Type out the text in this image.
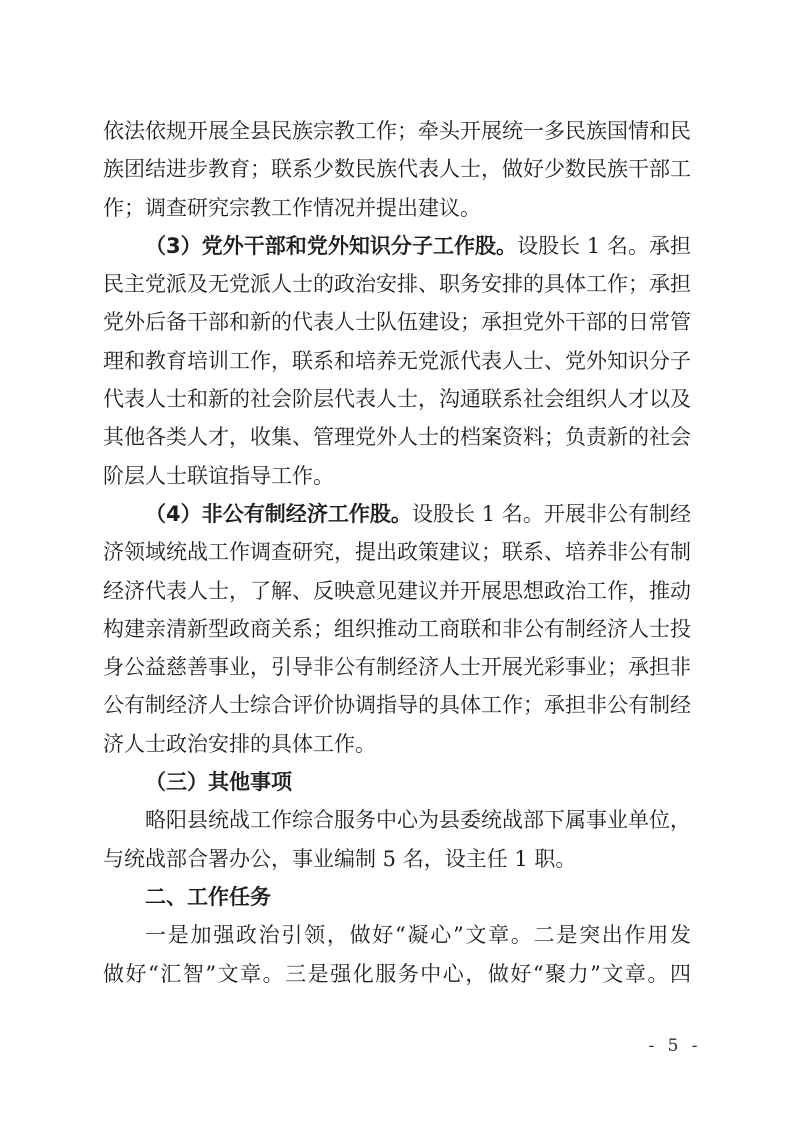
依法依规开展全县民族宗教工作；牵头开展统一多民族国情和民
族团结进步教育；联系少数民族代表人士，做好少数民族干部工
作；调查研究宗教工作情况并提出建议。
（3）党外干部和党外知识分子工作股。设股长 1 名。承担
民主党派及无党派人士的政治安排、职务安排的具体工作；承担
党外后备干部和新的代表人士队伍建设；承担党外干部的日常管
理和教育培训工作，联系和培养无党派代表人士、党外知识分子
代表人士和新的社会阶层代表人士，沟通联系社会组织人才以及
其他各类人才，收集、管理党外人士的档案资料；负责新的社会
阶层人士联谊指导工作。
（4）非公有制经济工作股。设股长 1 名。开展非公有制经
济领域统战工作调查研究，提出政策建议；联系、培养非公有制
经济代表人士，了解、反映意见建议并开展思想政治工作，推动
构建亲清新型政商关系；组织推动工商联和非公有制经济人士投
身公益慈善事业，引导非公有制经济人士开展光彩事业；承担非
公有制经济人士综合评价协调指导的具体工作；承担非公有制经
济人士政治安排的具体工作。
（三）其他事项
略阳县统战工作综合服务中心为县委统战部下属事业单位，
与统战部合署办公，事业编制 5 名，设主任 1 职。
二、工作任务
一是加强政治引领，做好“凝心”文章。二是突出作用发
做好“汇智”文章。三是强化服务中心，做好“聚力”文章。四
- 5 -
